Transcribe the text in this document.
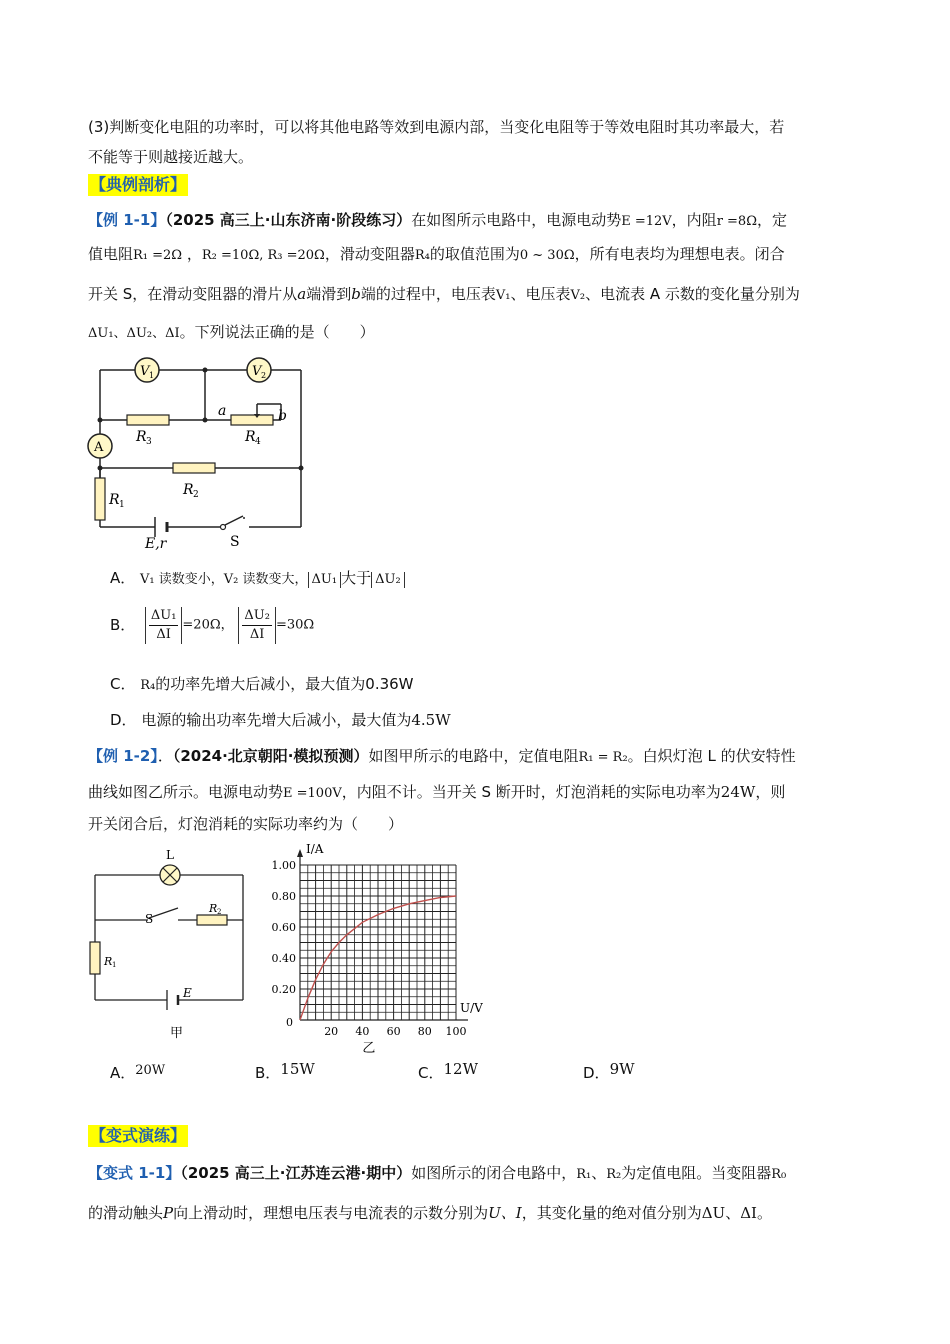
(3)判断变化电阻的功率时，可以将其他电路等效到电源内部，当变化电阻等于等效电阻时其功率最大，若
不能等于则越接近越大。
【典例剖析】
【例 1-1】（2025 高三上·山东济南·阶段练习）在如图所示电路中，电源电动势E =12V，内阻r =8Ω，定
值电阻R₁ =2Ω ，R₂ =10Ω, R₃ =20Ω，滑动变阻器R₄的取值范围为0 ~ 30Ω，所有电表均为理想电表。闭合
开关 S，在滑动变阻器的滑片从a端滑到b端的过程中，电压表V₁、电压表V₂、电流表 A 示数的变化量分别为
ΔU₁、ΔU₂、ΔI。下列说法正确的是（　　）
V 1	V 2
A
R 3
a	b
R 4
R 2
R 1
E,r	S
A． V₁ 读数变小，V₂ 读数变大， ΔU₁ 大于 ΔU₂
B． $\frac{\text{ΔU₁}}{\Delta I} =20\Omega$， $\frac{\text{ΔU₂}}{\Delta I} =30\Omega$
C． R₄的功率先增大后减小，最大值为0.36W
D． 电源的输出功率先增大后减小，最大值为4.5W
【例 1-2】．（2024·北京朝阳·模拟预测）如图甲所示的电路中，定值电阻R₁ = R₂。白炽灯泡 L 的伏安特性
曲线如图乙所示。电源电动势E =100V，内阻不计。当开关 S 断开时，灯泡消耗的实际电功率为24W，则
开关闭合后，灯泡消耗的实际功率约为（　　）
L
S
R 2
R 1
E
甲
0.20
0.40
0.60
0.80
1.00
20 40 60 80 100
I/A
U/V
0
乙
A．20W	B．15W	C．12W	D．9W
【变式演练】
【变式 1-1】（2025 高三上·江苏连云港·期中）如图所示的闭合电路中，R₁、R₂为定值电阻。当变阻器R₀
的滑动触头P向上滑动时，理想电压表与电流表的示数分别为U、I，其变化量的绝对值分别为ΔU、ΔI。
